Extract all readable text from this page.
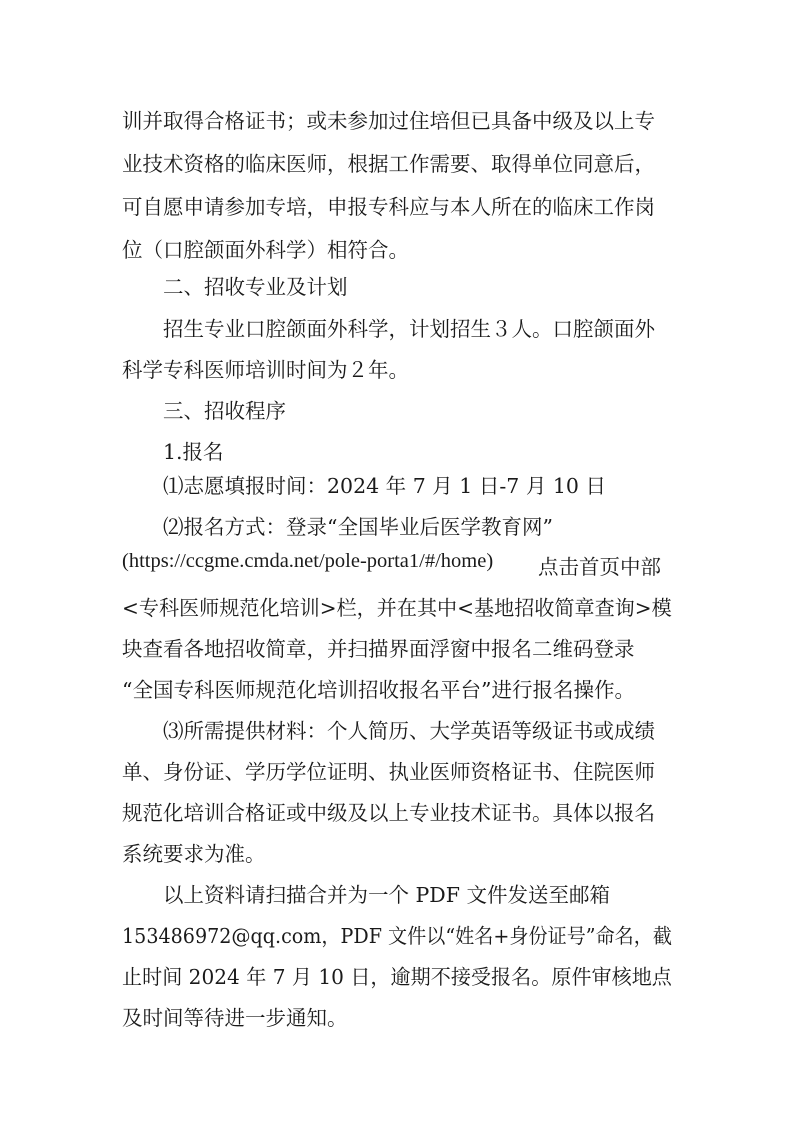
训并取得合格证书；或未参加过住培但已具备中级及以上专
业技术资格的临床医师，根据工作需要、取得单位同意后，
可自愿申请参加专培，申报专科应与本人所在的临床工作岗
位（口腔颌面外科学）相符合。
二、招收专业及计划
招生专业口腔颌面外科学，计划招生３人。口腔颌面外
科学专科医师培训时间为２年。
三、招收程序
1.报名
⑴志愿填报时间：2024 年 7 月 1 日-7 月 10 日
⑵报名方式：登录“全国毕业后医学教育网”
(https://ccgme.cmda.net/pole-porta1/#/home) 点击首页中部
<专科医师规范化培训>栏，并在其中<基地招收简章查询>模
块查看各地招收简章，并扫描界面浮窗中报名二维码登录
“全国专科医师规范化培训招收报名平台”进行报名操作。
⑶所需提供材料：个人简历、大学英语等级证书或成绩
单、身份证、学历学位证明、执业医师资格证书、住院医师
规范化培训合格证或中级及以上专业技术证书。具体以报名
系统要求为准。
以上资料请扫描合并为一个 PDF 文件发送至邮箱
153486972@qq.com，PDF 文件以“姓名+身份证号”命名，截
止时间 2024 年 7 月 10 日，逾期不接受报名。原件审核地点
及时间等待进一步通知。
